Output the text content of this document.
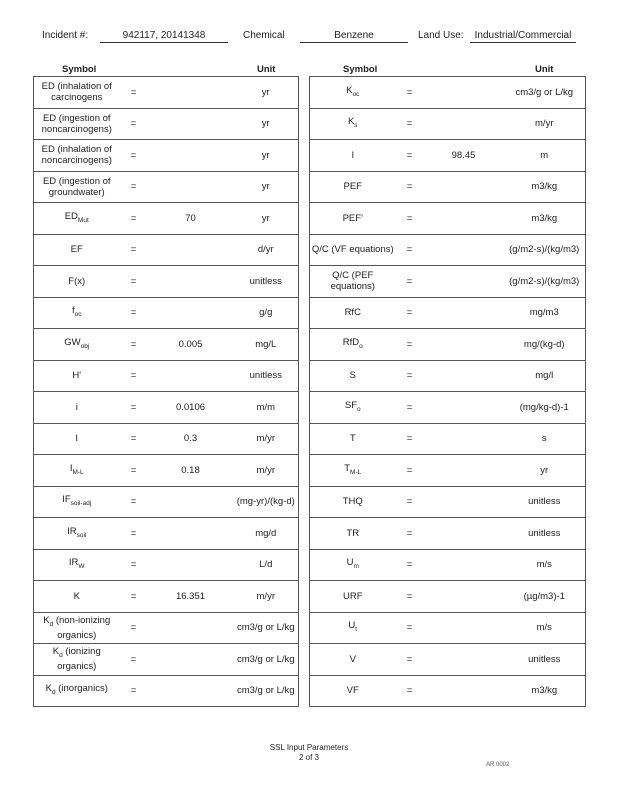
Incident #:	942117, 20141348	Chemical	Benzene	Land Use:	Industrial/Commercial
Symbol	Unit	Symbol	Unit
ED (inhalation of carcinogens	=		yr
ED (ingestion of noncarcinogens)	=		yr
ED (inhalation of noncarcinogens)	=		yr
ED (ingestion of groundwater)	=		yr
$ED_{Mut}$	=	70	yr
EF	=		d/yr
F(x)	=		unitless
$f_{oc}$	=		g/g
$GW_{obj}$	=	0.005	mg/L
H'	=		unitless
i	=	0.0106	m/m
I	=	0.3	m/yr
$I_{M-L}$	=	0.18	m/yr
$IF_{soil-adj}$	=		(mg-yr)/(kg-d)
$IR_{soil}$	=		mg/d
$IR_W$	=		L/d
K	=	16.351	m/yr
$K_d$ (non-ionizing organics)	=		cm3/g or L/kg
$K_d$ (ionizing organics)	=		cm3/g or L/kg
$K_d$ (inorganics)	=		cm3/g or L/kg
$K_{oc}$	=		cm3/g or L/kg
$K_s$	=		m/yr
l	=	98.45	m
PEF	=		m3/kg
PEF'	=		m3/kg
Q/C (VF equations)	=		(g/m2-s)/(kg/m3)
Q/C (PEF equations)	=		(g/m2-s)/(kg/m3)
RfC	=		mg/m3
RfD$_o$	=		mg/(kg-d)
S	=		mg/l
$SF_o$	=		(mg/kg-d)-1
T	=		s
$T_{M-L}$	=		yr
THQ	=		unitless
TR	=		unitless
$U_m$	=		m/s
URF	=		(µg/m3)-1
$U_t$	=		m/s
V	=		unitless
VF	=		m3/kg
SSL Input Parameters
2 of 3
AR 0002
